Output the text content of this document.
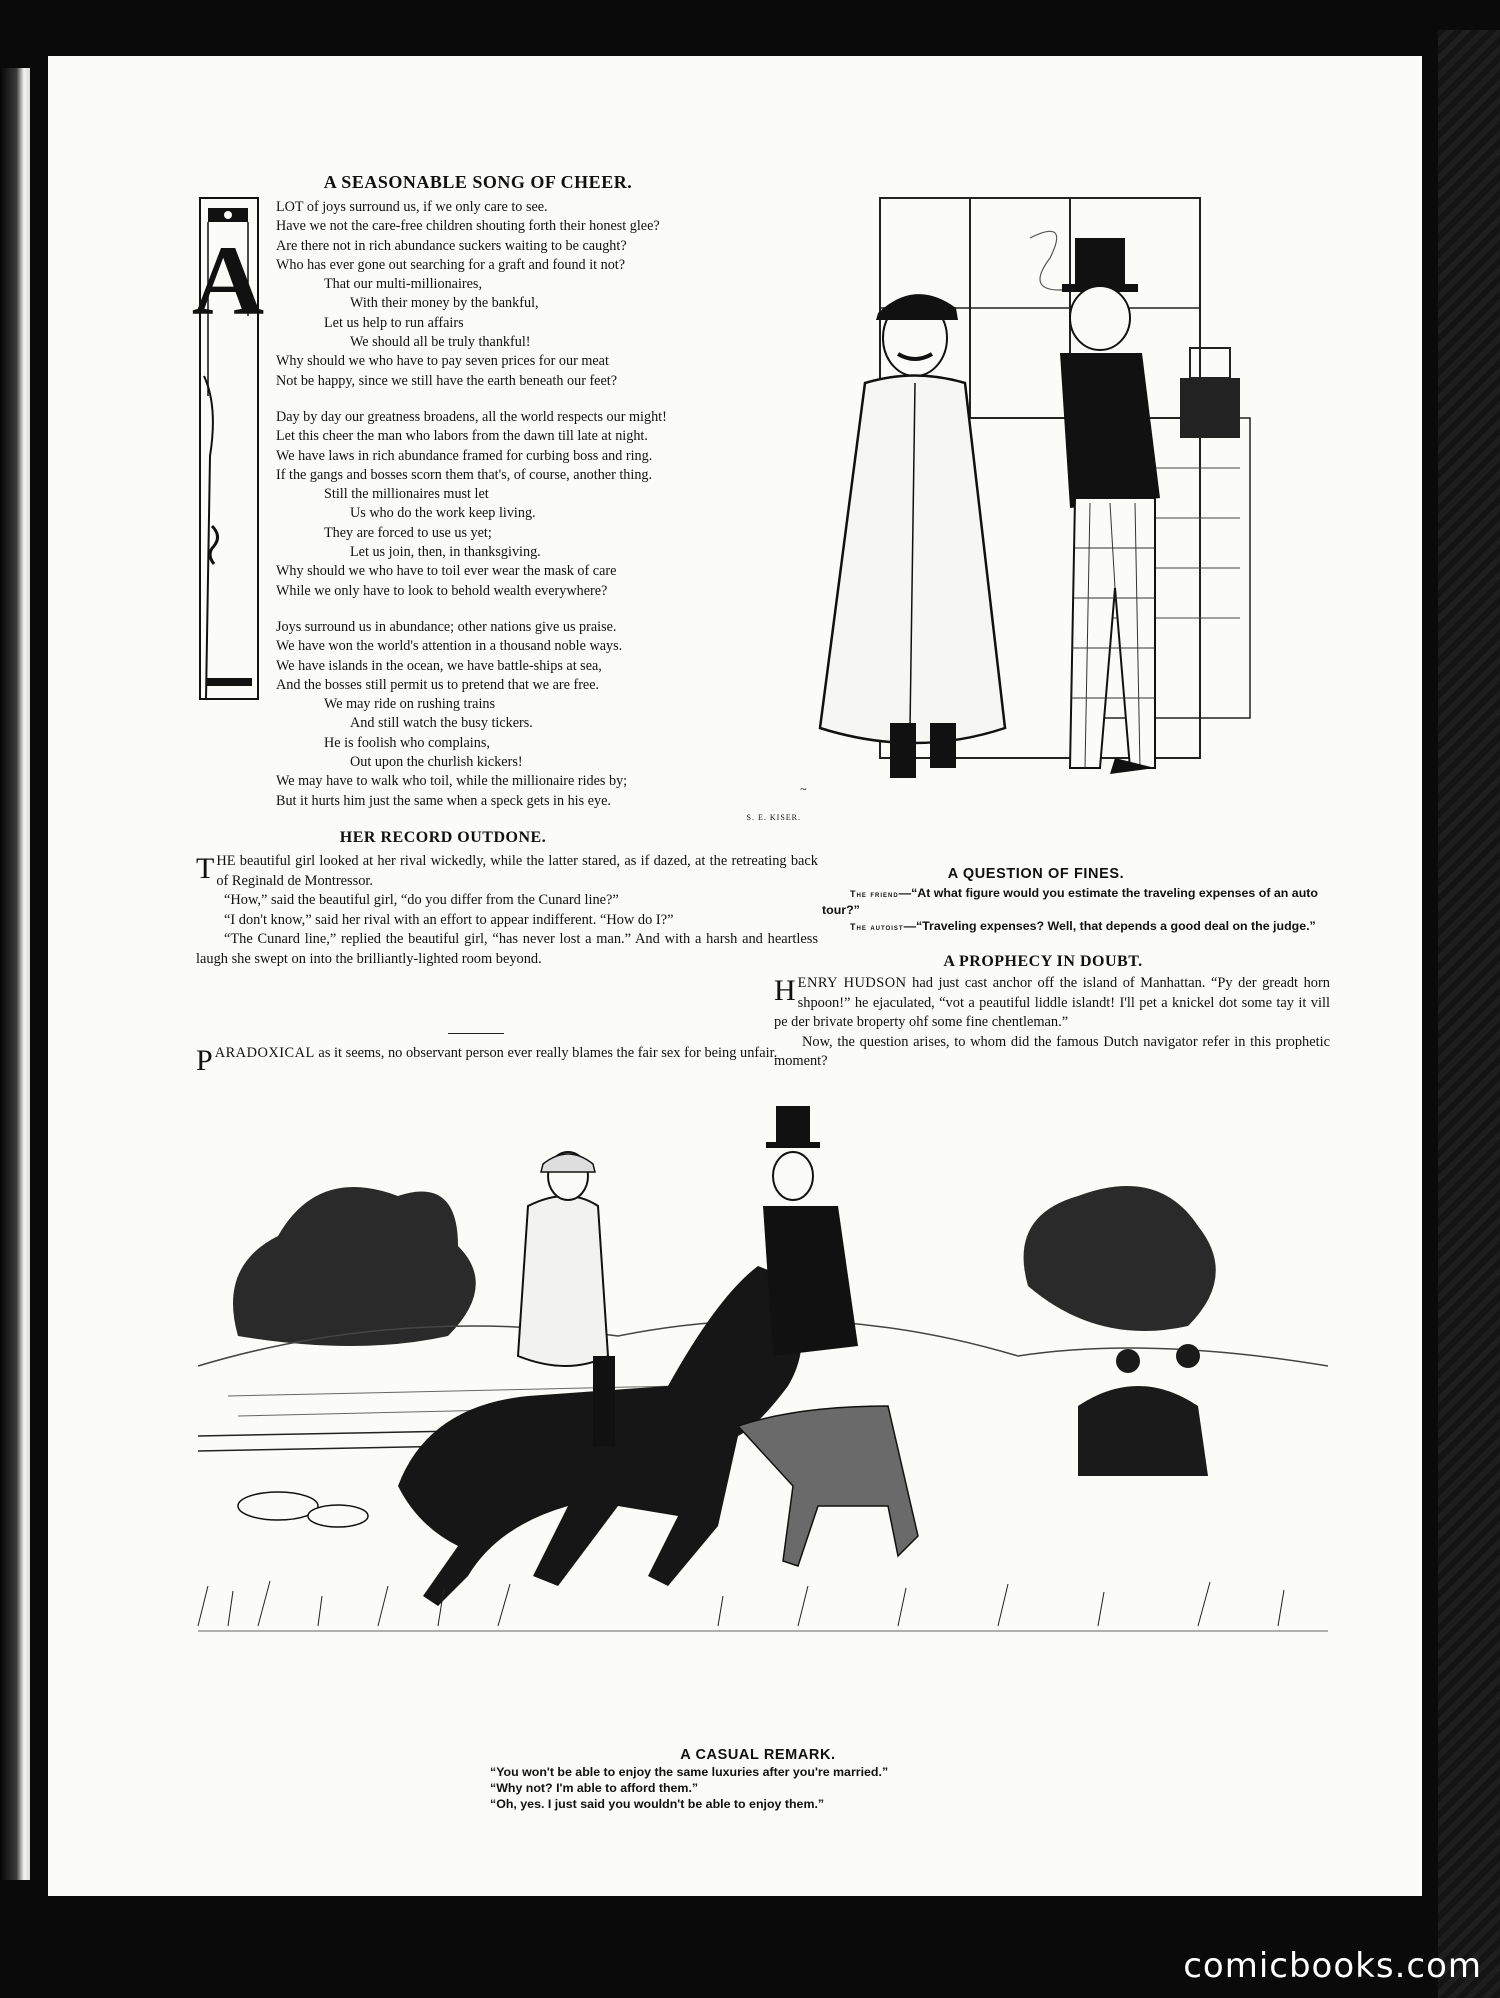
A SEASONABLE SONG OF CHEER.
A
LOT of joys surround us, if we only care to see.
Have we not the care-free children shouting forth their honest glee?
Are there not in rich abundance suckers waiting to be caught?
Who has ever gone out searching for a graft and found it not?
That our multi-millionaires,
With their money by the bankful,
Let us help to run affairs
We should all be truly thankful!
Why should we who have to pay seven prices for our meat
Not be happy, since we still have the earth beneath our feet?
Day by day our greatness broadens, all the world respects our might!
Let this cheer the man who labors from the dawn till late at night.
We have laws in rich abundance framed for curbing boss and ring.
If the gangs and bosses scorn them that's, of course, another thing.
Still the millionaires must let
Us who do the work keep living.
They are forced to use us yet;
Let us join, then, in thanksgiving.
Why should we who have to toil ever wear the mask of care
While we only have to look to behold wealth everywhere?
Joys surround us in abundance; other nations give us praise.
We have won the world's attention in a thousand noble ways.
We have islands in the ocean, we have battle-ships at sea,
And the bosses still permit us to pretend that we are free.
We may ride on rushing trains
And still watch the busy tickers.
He is foolish who complains,
Out upon the churlish kickers!
We may have to walk who toil, while the millionaire rides by;
But it hurts him just the same when a speck gets in his eye.
S. E. KISER.
HER RECORD OUTDONE.

THE beautiful girl looked at her rival wickedly, while the latter stared, as if dazed, at the retreating back of Reginald de Montressor.

“How,” said the beautiful girl, “do you differ from the Cunard line?”

“I don't know,” said her rival with an effort to appear indifferent. “How do I?”

“The Cunard line,” replied the beautiful girl, “has never lost a man.” And with a harsh and heartless laugh she swept on into the brilliantly-lighted room beyond.

PARADOXICAL as it seems, no observant person ever really blames the fair sex for being unfair.
~
A QUESTION OF FINES.
The friend—“At what figure would you estimate the traveling expenses of an auto tour?”
The autoist—“Traveling expenses? Well, that depends a good deal on the judge.”
A PROPHECY IN DOUBT.

HENRY HUDSON had just cast anchor off the island of Manhattan. “Py der greadt horn shpoon!” he ejaculated, “vot a peautiful liddle islandt! I'll pet a knickel dot some tay it vill pe der brivate broperty ohf some fine chentleman.”

Now, the question arises, to whom did the famous Dutch navigator refer in this prophetic moment?

A CASUAL REMARK.
“You won't be able to enjoy the same luxuries after you're married.”
“Why not? I'm able to afford them.”
“Oh, yes. I just said you wouldn't be able to enjoy them.”
comicbooks.com
